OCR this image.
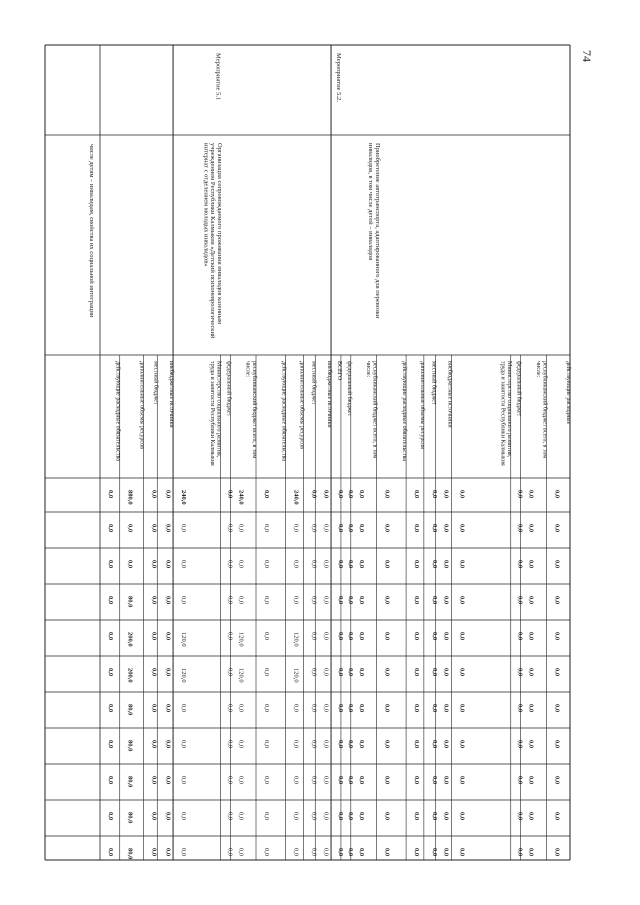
числе детям – инвалидам, свойства их социальной интеграции
действующие расходные обязательства
0,0
0,0
0,0
0,0
0,0
0,0
0,0
0,0
0,0
0,0
0,0
дополнительные объемы ресурсов
880,0
0,0
0,0
80,0
200,0
200,0
80,0
80,0
80,0
80,0
80,0
местный бюджет
0,0
0,0
0,0
0,0
0,0
0,0
0,0
0,0
0,0
0,0
0,0
внебюджетные источники
0,0
0,0
0,0
0,0
0,0
0,0
0,0
0,0
0,0
0,0
0,0
Мероприятие 5.1
Организация сопровождаемого проживания инвалидов казенным
учреждением Республики Калмыкия «Детский психоневрологический
интернат с отделением молодых инвалидов»
Министерство социального развития,
труда и занятости Республики Калмыкия
240,0
0,0
0,0
0,0
120,0
120,0
0,0
0,0
0,0
0,0
0,0
федеральный бюджет
0,0
0,0
0,0
0,0
0,0
0,0
0,0
0,0
0,0
0,0
0,0
республиканский бюджет всего, в том
числе:
240,0
0,0
0,0
0,0
120,0
120,0
0,0
0,0
0,0
0,0
0,0
действующие расходные обязательства
0,0
0,0
0,0
0,0
0,0
0,0
0,0
0,0
0,0
0,0
0,0
дополнительные объемы ресурсов
240,0
0,0
0,0
0,0
120,0
120,0
0,0
0,0
0,0
0,0
0,0
местный бюджет
0,0
0,0
0,0
0,0
0,0
0,0
0,0
0,0
0,0
0,0
0,0
внебюджетные источники
0,0
0,0
0,0
0,0
0,0
0,0
0,0
0,0
0,0
0,0
0,0
Мероприятие 5.2.
Приобретение автотранспорта, адаптированного для перевозки
инвалидов, в том числе детей – инвалидов
ВСЕГО
0,0
0,0
0,0
0,0
0,0
0,0
0,0
0,0
0,0
0,0
0,0
федеральный бюджет
0,0
0,0
0,0
0,0
0,0
0,0
0,0
0,0
0,0
0,0
0,0
республиканский бюджет всего, в том
числе:
0,0
0,0
0,0
0,0
0,0
0,0
0,0
0,0
0,0
0,0
0,0
действующие расходные обязательства
0,0
0,0
0,0
0,0
0,0
0,0
0,0
0,0
0,0
0,0
0,0
дополнительные объемы ресурсов
0,0
0,0
0,0
0,0
0,0
0,0
0,0
0,0
0,0
0,0
0,0
местный бюджет
0,0
0,0
0,0
0,0
0,0
0,0
0,0
0,0
0,0
0,0
0,0
внебюджетные источники
0,0
0,0
0,0
0,0
0,0
0,0
0,0
0,0
0,0
0,0
0,0
Министерство социального развития,
труда и занятости Республики Калмыкия
0,0
0,0
0,0
0,0
0,0
0,0
0,0
0,0
0,0
0,0
0,0
федеральный бюджет
0,0
0,0
0,0
0,0
0,0
0,0
0,0
0,0
0,0
0,0
0,0
республиканский бюджет всего, в том
числе:
0,0
0,0
0,0
0,0
0,0
0,0
0,0
0,0
0,0
0,0
0,0
действующие расходные
0,0
0,0
0,0
0,0
0,0
0,0
0,0
0,0
0,0
0,0
0,0
74
